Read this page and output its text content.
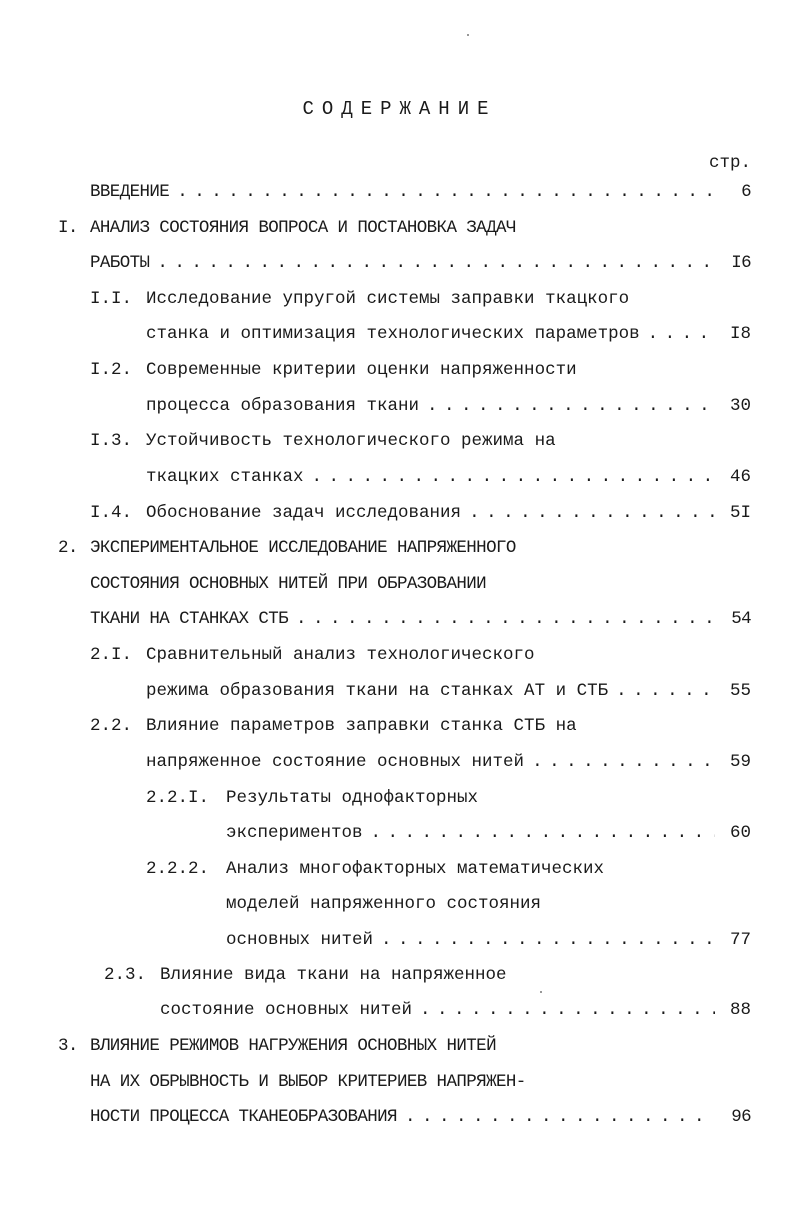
СОДЕРЖАНИЕ
стр.
ВВЕДЕНИЕ . . .	6
I. АНАЛИЗ СОСТОЯНИЯ ВОПРОСА И ПОСТАНОВКА ЗАДАЧ
РАБОТЫ . . .	I6
I.I. Исследование упругой системы заправки ткацкого
станка и оптимизация технологических параметров . . .	I8
I.2. Современные критерии оценки напряженности
процесса образования ткани . . .	30
I.3. Устойчивость технологического режима на
ткацких станках . . .	46
I.4. Обоснование задач исследования . . .	5I
2. ЭКСПЕРИМЕНТАЛЬНОЕ ИССЛЕДОВАНИЕ НАПРЯЖЕННОГО
СОСТОЯНИЯ ОСНОВНЫХ НИТЕЙ ПРИ ОБРАЗОВАНИИ
ТКАНИ НА СТАНКАХ СТБ . . .	54
2.I. Сравнительный анализ технологического
режима образования ткани на станках АТ и СТБ . . .	55
2.2. Влияние параметров заправки станка СТБ на
напряженное состояние основных нитей . . .	59
2.2.I. Результаты однофакторных
экспериментов . . .	60
2.2.2. Анализ многофакторных математических
моделей напряженного состояния
основных нитей . . .	77
2.3. Влияние вида ткани на напряженное
состояние основных нитей . . .	88
3. ВЛИЯНИЕ РЕЖИМОВ НАГРУЖЕНИЯ ОСНОВНЫХ НИТЕЙ
НА ИХ ОБРЫВНОСТЬ И ВЫБОР КРИТЕРИЕВ НАПРЯЖЕН-
НОСТИ ПРОЦЕССА ТКАНЕОБРАЗОВАНИЯ . . .	96
